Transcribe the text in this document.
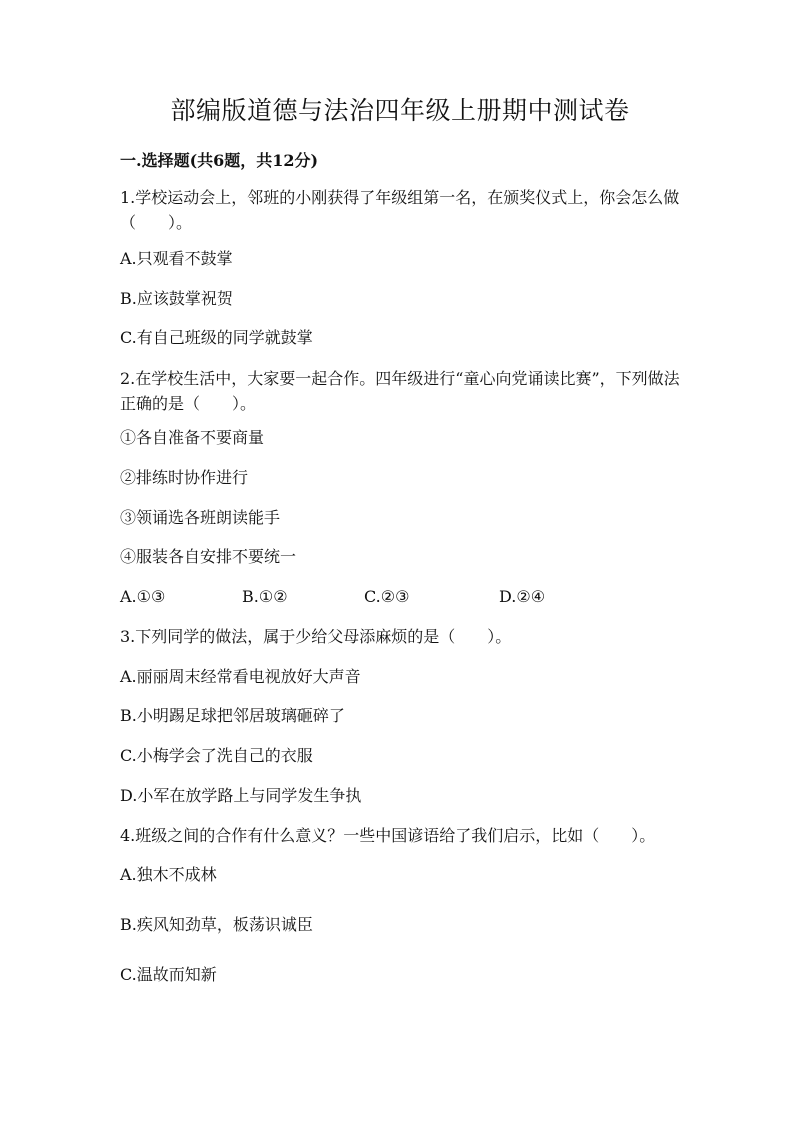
部编版道德与法治四年级上册期中测试卷
一.选择题(共6题，共12分)
1.学校运动会上，邻班的小刚获得了年级组第一名，在颁奖仪式上，你会怎么做（　　）。
A.只观看不鼓掌
B.应该鼓掌祝贺
C.有自己班级的同学就鼓掌
2.在学校生活中，大家要一起合作。四年级进行“童心向党诵读比赛”，下列做法正确的是（　　）。
①各自准备不要商量
②排练时协作进行
③领诵选各班朗读能手
④服装各自安排不要统一
A.①③	B.①②	C.②③	D.②④
3.下列同学的做法，属于少给父母添麻烦的是（　　）。
A.丽丽周末经常看电视放好大声音
B.小明踢足球把邻居玻璃砸碎了
C.小梅学会了洗自己的衣服
D.小军在放学路上与同学发生争执
4.班级之间的合作有什么意义？一些中国谚语给了我们启示，比如（　　）。
A.独木不成林
B.疾风知劲草，板荡识诚臣
C.温故而知新
